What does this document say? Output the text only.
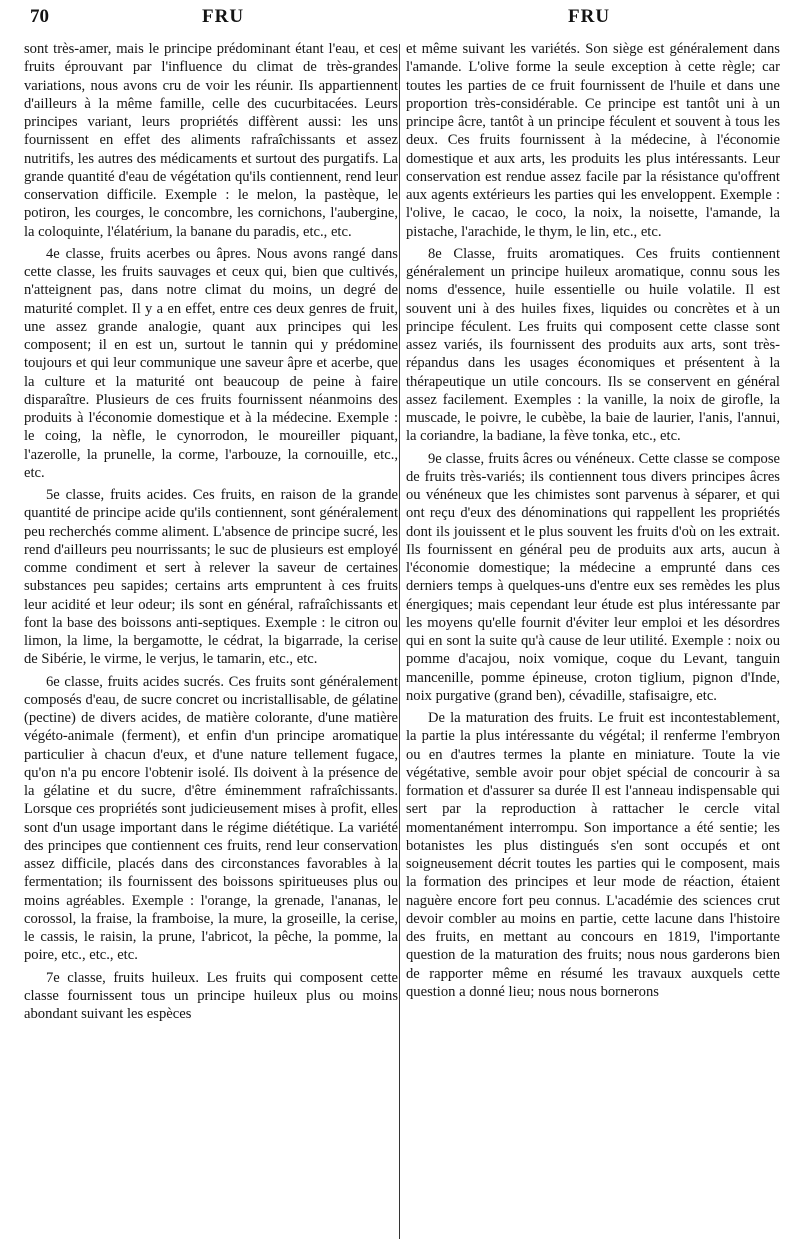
70	FRU	FRU

sont très-amer, mais le principe prédominant étant l'eau, et ces fruits éprouvant par l'influence du climat de très-grandes variations, nous avons cru de voir les réunir. Ils appartiennent d'ailleurs à la même famille, celle des cucurbitacées. Leurs principes variant, leurs propriétés diffèrent aussi: les uns fournissent en effet des aliments rafraîchissants et assez nutritifs, les autres des médicaments et surtout des purgatifs. La grande quantité d'eau de végétation qu'ils contiennent, rend leur conservation difficile. Exemple : le melon, la pastèque, le potiron, les courges, le concombre, les cornichons, l'aubergine, la coloquinte, l'élatérium, la banane du paradis, etc., etc.

4e classe, fruits acerbes ou âpres. Nous avons rangé dans cette classe, les fruits sauvages et ceux qui, bien que cultivés, n'atteignent pas, dans notre climat du moins, un degré de maturité complet. Il y a en effet, entre ces deux genres de fruit, une assez grande analogie, quant aux principes qui les composent; il en est un, surtout le tannin qui y prédomine toujours et qui leur communique une saveur âpre et acerbe, que la culture et la maturité ont beaucoup de peine à faire disparaître. Plusieurs de ces fruits fournissent néanmoins des produits à l'économie domestique et à la médecine. Exemple : le coing, la nèfle, le cynorrodon, le moureiller piquant, l'azerolle, la prunelle, la corme, l'arbouze, la cornouille, etc., etc.

5e classe, fruits acides. Ces fruits, en raison de la grande quantité de principe acide qu'ils contiennent, sont généralement peu recherchés comme aliment. L'absence de principe sucré, les rend d'ailleurs peu nourrissants; le suc de plusieurs est employé comme condiment et sert à relever la saveur de certaines substances peu sapides; certains arts empruntent à ces fruits leur acidité et leur odeur; ils sont en général, rafraîchissants et font la base des boissons anti-septiques. Exemple : le citron ou limon, la lime, la bergamotte, le cédrat, la bigarrade, la cerise de Sibérie, le virme, le verjus, le tamarin, etc., etc.

6e classe, fruits acides sucrés. Ces fruits sont généralement composés d'eau, de sucre concret ou incristallisable, de gélatine (pectine) de divers acides, de matière colorante, d'une matière végéto-animale (ferment), et enfin d'un principe aromatique particulier à chacun d'eux, et d'une nature tellement fugace, qu'on n'a pu encore l'obtenir isolé. Ils doivent à la présence de la gélatine et du sucre, d'être éminemment rafraîchissants. Lorsque ces propriétés sont judicieusement mises à profit, elles sont d'un usage important dans le régime diététique. La variété des principes que contiennent ces fruits, rend leur conservation assez difficile, placés dans des circonstances favorables à la fermentation; ils fournissent des boissons spiritueuses plus ou moins agréables. Exemple : l'orange, la grenade, l'ananas, le corossol, la fraise, la framboise, la mure, la groseille, la cerise, le cassis, le raisin, la prune, l'abricot, la pêche, la pomme, la poire, etc., etc., etc.

7e classe, fruits huileux. Les fruits qui composent cette classe fournissent tous un principe huileux plus ou moins abondant suivant les espèces

et même suivant les variétés. Son siège est généralement dans l'amande. L'olive forme la seule exception à cette règle; car toutes les parties de ce fruit fournissent de l'huile et dans une proportion très-considérable. Ce principe est tantôt uni à un principe âcre, tantôt à un principe féculent et souvent à tous les deux. Ces fruits fournissent à la médecine, à l'économie domestique et aux arts, les produits les plus intéressants. Leur conservation est rendue assez facile par la résistance qu'offrent aux agents extérieurs les parties qui les enveloppent. Exemple : l'olive, le cacao, le coco, la noix, la noisette, l'amande, la pistache, l'arachide, le thym, le lin, etc., etc.

8e Classe, fruits aromatiques. Ces fruits contiennent généralement un principe huileux aromatique, connu sous les noms d'essence, huile essentielle ou huile volatile. Il est souvent uni à des huiles fixes, liquides ou concrètes et à un principe féculent. Les fruits qui composent cette classe sont assez variés, ils fournissent des produits aux arts, sont très-répandus dans les usages économiques et présentent à la thérapeutique un utile concours. Ils se conservent en général assez facilement. Exemples : la vanille, la noix de girofle, la muscade, le poivre, le cubèbe, la baie de laurier, l'anis, l'annui, la coriandre, la badiane, la fève tonka, etc., etc.

9e classe, fruits âcres ou vénéneux. Cette classe se compose de fruits très-variés; ils contiennent tous divers principes âcres ou vénéneux que les chimistes sont parvenus à séparer, et qui ont reçu d'eux des dénominations qui rappellent les propriétés dont ils jouissent et le plus souvent les fruits d'où on les extrait. Ils fournissent en général peu de produits aux arts, aucun à l'économie domestique; la médecine a emprunté dans ces derniers temps à quelques-uns d'entre eux ses remèdes les plus énergiques; mais cependant leur étude est plus intéressante par les moyens qu'elle fournit d'éviter leur emploi et les désordres qui en sont la suite qu'à cause de leur utilité. Exemple : noix ou pomme d'acajou, noix vomique, coque du Levant, tanguin mancenille, pomme épineuse, croton tiglium, pignon d'Inde, noix purgative (grand ben), cévadille, stafisaigre, etc.

De la maturation des fruits. Le fruit est incontestablement, la partie la plus intéressante du végétal; il renferme l'embryon ou en d'autres termes la plante en miniature. Toute la vie végétative, semble avoir pour objet spécial de concourir à sa formation et d'assurer sa durée Il est l'anneau indispensable qui sert par la reproduction à rattacher le cercle vital momentanément interrompu. Son importance a été sentie; les botanistes les plus distingués s'en sont occupés et ont soigneusement décrit toutes les parties qui le composent, mais la formation des principes et leur mode de réaction, étaient naguère encore fort peu connus. L'académie des sciences crut devoir combler au moins en partie, cette lacune dans l'histoire des fruits, en mettant au concours en 1819, l'importante question de la maturation des fruits; nous nous garderons bien de rapporter même en résumé les travaux auxquels cette question a donné lieu; nous nous bornerons
